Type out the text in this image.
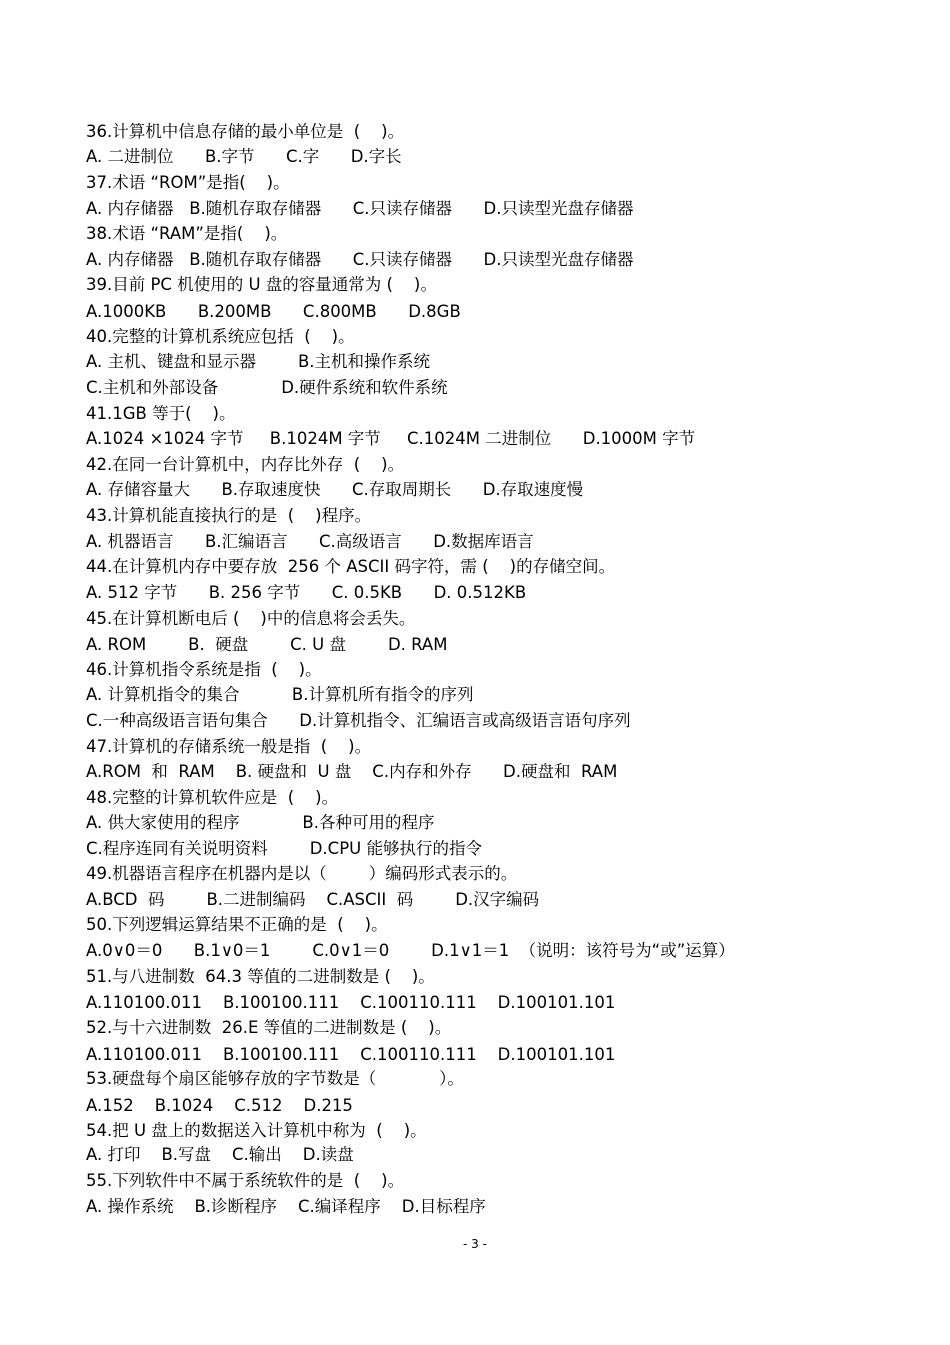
36.计算机中信息存储的最小单位是  (    )。
A. 二进制位      B.字节      C.字      D.字长
37.术语 “ROM”是指(    )。
A. 内存储器   B.随机存取存储器      C.只读存储器      D.只读型光盘存储器
38.术语 “RAM”是指(    )。
A. 内存储器   B.随机存取存储器      C.只读存储器      D.只读型光盘存储器
39.目前 PC 机使用的 U 盘的容量通常为 (    )。
A.1000KB      B.200MB      C.800MB      D.8GB
40.完整的计算机系统应包括  (    )。
A. 主机、键盘和显示器        B.主机和操作系统
C.主机和外部设备            D.硬件系统和软件系统
41.1GB 等于(    )。
A.1024 ×1024 字节     B.1024M 字节     C.1024M 二进制位      D.1000M 字节
42.在同一台计算机中，内存比外存  (    )。
A. 存储容量大      B.存取速度快      C.存取周期长      D.存取速度慢
43.计算机能直接执行的是  (    )程序。
A. 机器语言      B.汇编语言      C.高级语言      D.数据库语言
44.在计算机内存中要存放  256 个 ASCII 码字符，需 (    )的存储空间。
A. 512 字节      B. 256 字节      C. 0.5KB      D. 0.512KB
45.在计算机断电后 (    )中的信息将会丢失。
A. ROM        B.  硬盘        C. U 盘        D. RAM
46.计算机指令系统是指  (    )。
A. 计算机指令的集合          B.计算机所有指令的序列
C.一种高级语言语句集合      D.计算机指令、汇编语言或高级语言语句序列
47.计算机的存储系统一般是指  (    )。
A.ROM  和  RAM    B. 硬盘和  U 盘    C.内存和外存      D.硬盘和  RAM
48.完整的计算机软件应是  (    )。
A. 供大家使用的程序            B.各种可用的程序
C.程序连同有关说明资料        D.CPU 能够执行的指令
49.机器语言程序在机器内是以（        ）编码形式表示的。
A.BCD  码        B.二进制编码    C.ASCII  码        D.汉字编码
50.下列逻辑运算结果不正确的是  (    )。
A.0∨0＝0      B.1∨0＝1        C.0∨1＝0        D.1∨1＝1  （说明：该符号为“或”运算）
51.与八进制数  64.3 等值的二进制数是 (    )。
A.110100.011    B.100100.111    C.100110.111    D.100101.101
52.与十六进制数  26.E 等值的二进制数是 (    )。
A.110100.011    B.100100.111    C.100110.111    D.100101.101
53.硬盘每个扇区能够存放的字节数是（            ）。
A.152    B.1024    C.512    D.215
54.把 U 盘上的数据送入计算机中称为  (    )。
A. 打印    B.写盘    C.输出    D.读盘
55.下列软件中不属于系统软件的是  (    )。
A. 操作系统    B.诊断程序    C.编译程序    D.目标程序
- 3 -
